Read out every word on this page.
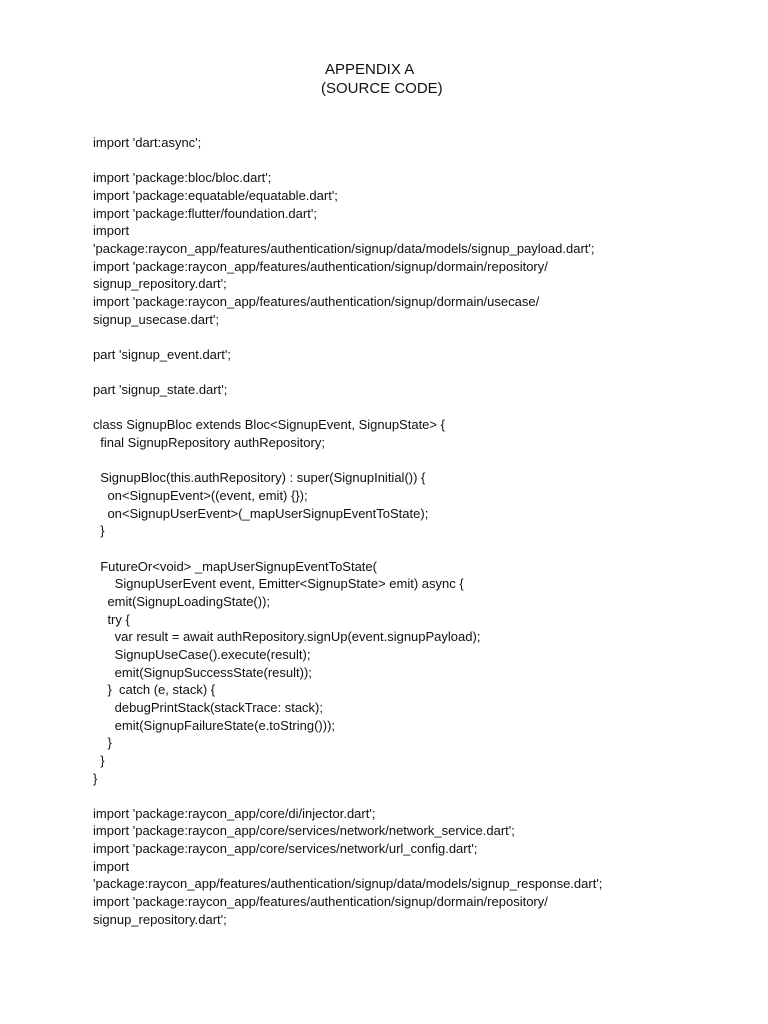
APPENDIX A
(SOURCE CODE)
import 'dart:async';
import 'package:bloc/bloc.dart';
import 'package:equatable/equatable.dart';
import 'package:flutter/foundation.dart';
import
'package:raycon_app/features/authentication/signup/data/models/signup_payload.dart';
import 'package:raycon_app/features/authentication/signup/dormain/repository/
signup_repository.dart';
import 'package:raycon_app/features/authentication/signup/dormain/usecase/
signup_usecase.dart';
part 'signup_event.dart';
part 'signup_state.dart';
class SignupBloc extends Bloc<SignupEvent, SignupState> {
final SignupRepository authRepository;
SignupBloc(this.authRepository) : super(SignupInitial()) {
on<SignupEvent>((event, emit) {});
on<SignupUserEvent>(_mapUserSignupEventToState);
}
FutureOr<void> _mapUserSignupEventToState(
SignupUserEvent event, Emitter<SignupState> emit) async {
emit(SignupLoadingState());
try {
var result = await authRepository.signUp(event.signupPayload);
SignupUseCase().execute(result);
emit(SignupSuccessState(result));
}  catch (e, stack) {
debugPrintStack(stackTrace: stack);
emit(SignupFailureState(e.toString()));
}
}
}
import 'package:raycon_app/core/di/injector.dart';
import 'package:raycon_app/core/services/network/network_service.dart';
import 'package:raycon_app/core/services/network/url_config.dart';
import
'package:raycon_app/features/authentication/signup/data/models/signup_response.dart';
import 'package:raycon_app/features/authentication/signup/dormain/repository/
signup_repository.dart';
